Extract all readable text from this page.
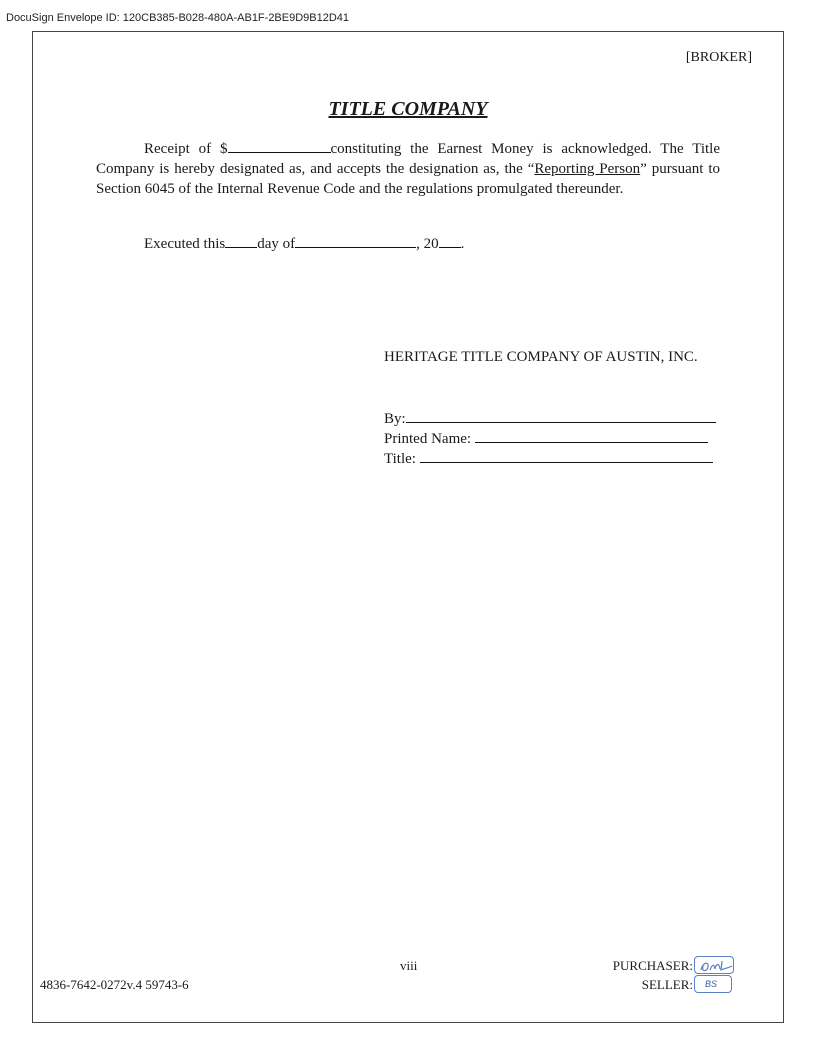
DocuSign Envelope ID: 120CB385-B028-480A-AB1F-2BE9D9B12D41
[BROKER]
TITLE COMPANY
Receipt of $	constituting the Earnest Money is acknowledged. The Title Company is hereby designated as, and accepts the designation as, the “Reporting Person” pursuant to Section 6045 of the Internal Revenue Code and the regulations promulgated thereunder.
Executed this day of	, 20 .
HERITAGE TITLE COMPANY OF AUSTIN, INC.
By:
Printed Name:
Title:
viii
4836-7642-0272v.4 59743-6
PURCHASER:
SELLER: BS
